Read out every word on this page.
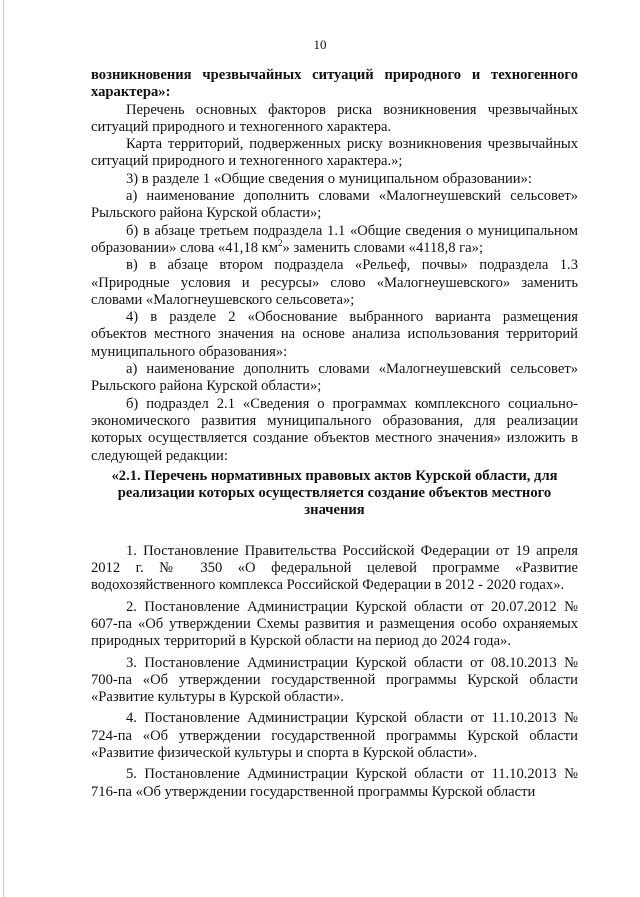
10

возникновения чрезвычайных ситуаций природного и техногенного характера»:

Перечень основных факторов риска возникновения чрезвычайных ситуаций природного и техногенного характера.

Карта территорий, подверженных риску возникновения чрезвычайных ситуаций природного и техногенного характера.»;

3) в разделе 1 «Общие сведения о муниципальном образовании»:

а) наименование дополнить словами «Малогнеушевский сельсовет» Рыльского района Курской области»;

б) в абзаце третьем подраздела 1.1 «Общие сведения о муниципальном образовании» слова «41,18 $км^2$» заменить словами «4118,8 га»;

в) в абзаце втором подраздела «Рельеф, почвы» подраздела 1.3 «Природные условия и ресурсы» слово «Малогнеушевского» заменить словами «Малогнеушевского сельсовета»;

4) в разделе 2 «Обоснование выбранного варианта размещения объектов местного значения на основе анализа использования территорий муниципального образования»:

а) наименование дополнить словами «Малогнеушевский сельсовет» Рыльского района Курской области»;

б) подраздел 2.1 «Сведения о программах комплексного социально-экономического развития муниципального образования, для реализации которых осуществляется создание объектов местного значения» изложить в следующей редакции:

«2.1. Перечень нормативных правовых актов Курской области, для реализации которых осуществляется создание объектов местного значения

1. Постановление Правительства Российской Федерации от 19 апреля 2012 г. № 350 «О федеральной целевой программе «Развитие водохозяйственного комплекса Российской Федерации в 2012 - 2020 годах».

2. Постановление Администрации Курской области от 20.07.2012 № 607-па «Об утверждении Схемы развития и размещения особо охраняемых природных территорий в Курской области на период до 2024 года».

3. Постановление Администрации Курской области от 08.10.2013 № 700-па «Об утверждении государственной программы Курской области «Развитие культуры в Курской области».

4. Постановление Администрации Курской области от 11.10.2013 № 724-па «Об утверждении государственной программы Курской области «Развитие физической культуры и спорта в Курской области».

5. Постановление Администрации Курской области от 11.10.2013 № 716-па «Об утверждении государственной программы Курской области
